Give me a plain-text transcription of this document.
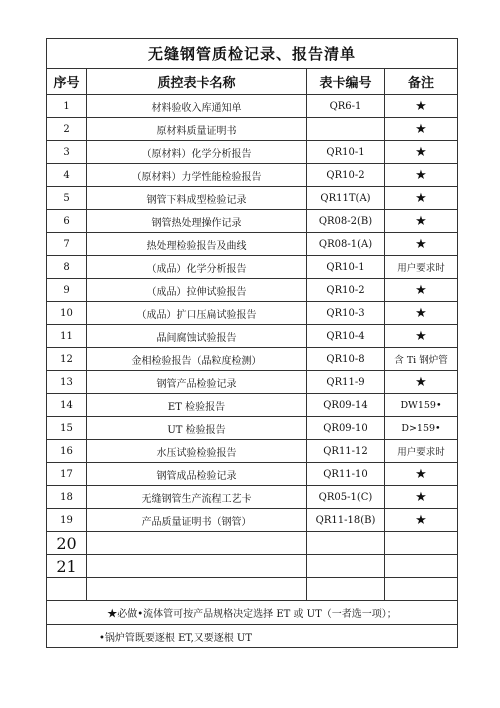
无缝钢管质检记录、报告清单			
序号	质控表卡名称	表卡编号	备注
1	材料验收入库通知单	QR6-1	★
2	原材料质量证明书		★
3	（原材料）化学分析报告	QR10-1	★
4	（原材料）力学性能检验报告	QR10-2	★
5	钢管下料成型检验记录	QR11T(A)	★
6	钢管热处理操作记录	QR08-2(B)	★
7	热处理检验报告及曲线	QR08-1(A)	★
8	（成品）化学分析报告	QR10-1	用户要求时
9	（成品）拉伸试验报告	QR10-2	★
10	（成品）扩口压扁试验报告	QR10-3	★
11	晶间腐蚀试验报告	QR10-4	★
12	金相检验报告（晶粒度检测）	QR10-8	含 Ti 钢炉管
13	钢管产品检验记录	QR11-9	★
14	ET 检验报告	QR09-14	DW159•
15	UT 检验报告	QR09-10	D>159•
16	水压试验检验报告	QR11-12	用户要求时
17	钢管成品检验记录	QR11-10	★
18	无缝钢管生产流程工艺卡	QR05-1(C)	★
19	产品质量证明书（钢管）	QR11-18(B)	★
20			
21			

★必做•流体管可按产品规格决定选择 ET 或 UT（一者选一项）；			
•锅炉管既要逐根 ET,又要逐根 UT			
